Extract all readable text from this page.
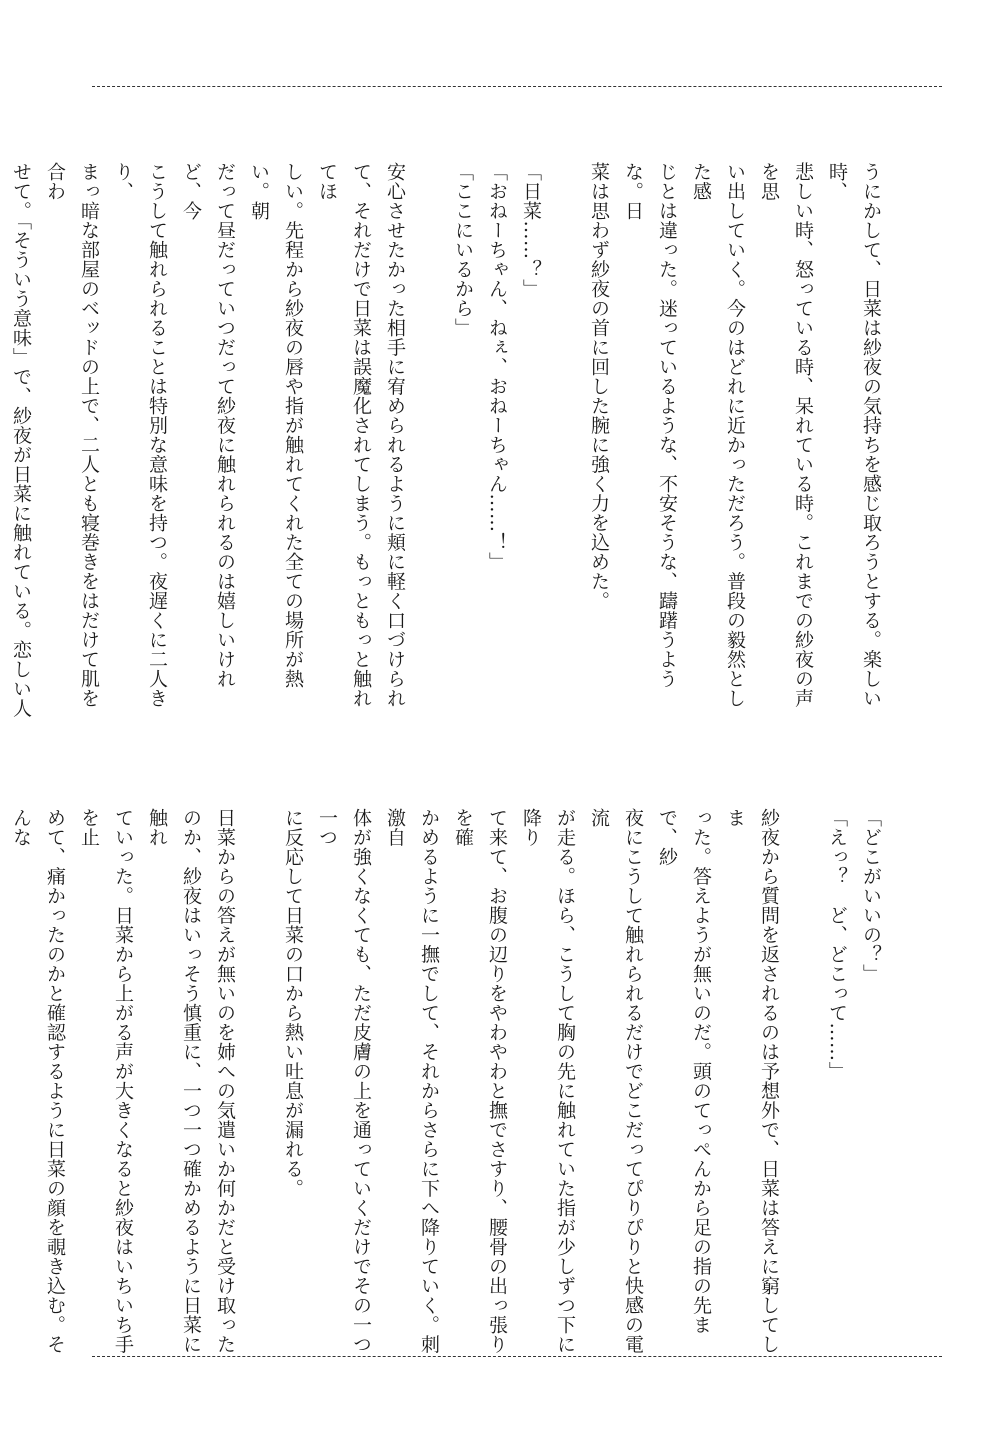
うにかして、日菜は紗夜の気持ちを感じ取ろうとする。楽しい時、
悲しい時、怒っている時、呆れている時。これまでの紗夜の声を思
い出していく。今のはどれに近かっただろう。普段の毅然とした感
じとは違った。迷っているような、不安そうな、躊躇うような。日
菜は思わず紗夜の首に回した腕に強く力を込めた。

「日菜……？」
「おねーちゃん、ねぇ、おねーちゃん……！」
「ここにいるから」

安心させたかった相手に宥められるように頬に軽く口づけられ
て、それだけで日菜は誤魔化されてしまう。もっともっと触れてほ
しい。先程から紗夜の唇や指が触れてくれた全ての場所が熱い。朝
だって昼だっていつだって紗夜に触れられるのは嬉しいけれど、今
こうして触れられることは特別な意味を持つ。夜遅くに二人きり、
まっ暗な部屋のベッドの上で、二人とも寝巻きをはだけて肌を合わ
せて。「そういう意味」で、紗夜が日菜に触れている。恋しい人

「どこがいいの？」
「えっ？　ど、どこって……」

紗夜から質問を返されるのは予想外で、日菜は答えに窮してしま
った。答えようが無いのだ。頭のてっぺんから足の指の先まで、紗
夜にこうして触れられるだけでどこだってぴりぴりと快感の電流
が走る。ほら、こうして胸の先に触れていた指が少しずつ下に降り
て来て、お腹の辺りをやわやわと撫でさすり、腰骨の出っ張りを確
かめるように一撫でして、それからさらに下へ降りていく。刺激自
体が強くなくても、ただ皮膚の上を通っていくだけでその一つ一つ
に反応して日菜の口から熱い吐息が漏れる。

日菜からの答えが無いのを姉への気遣いか何かだと受け取った
のか、紗夜はいっそう慎重に、一つ一つ確かめるように日菜に触れ
ていった。日菜から上がる声が大きくなると紗夜はいちいち手を止
めて、痛かったのかと確認するように日菜の顔を覗き込む。そんな
